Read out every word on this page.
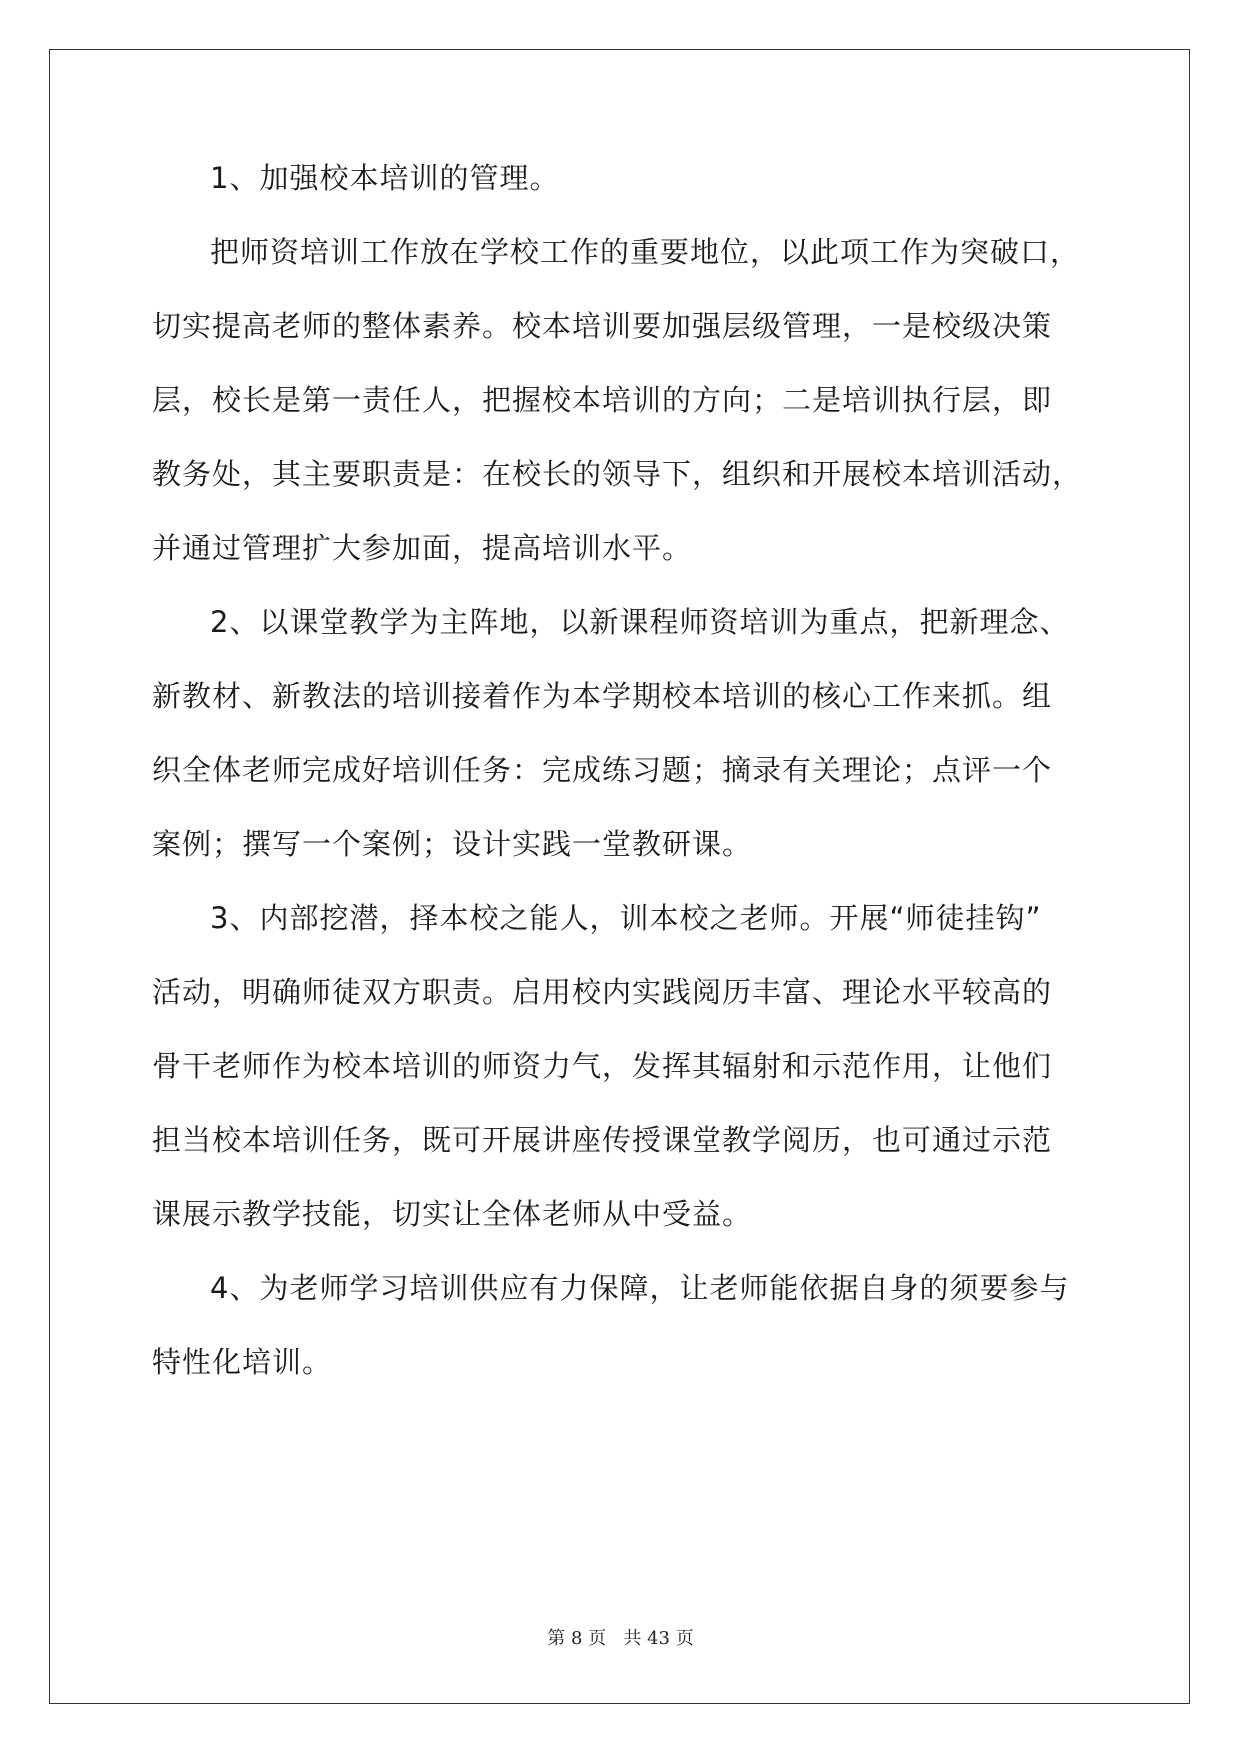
1、加强校本培训的管理。
把师资培训工作放在学校工作的重要地位，以此项工作为突破口，
切实提高老师的整体素养。校本培训要加强层级管理，一是校级决策
层，校长是第一责任人，把握校本培训的方向；二是培训执行层，即
教务处，其主要职责是：在校长的领导下，组织和开展校本培训活动，
并通过管理扩大参加面，提高培训水平。
2、以课堂教学为主阵地，以新课程师资培训为重点，把新理念、
新教材、新教法的培训接着作为本学期校本培训的核心工作来抓。组
织全体老师完成好培训任务：完成练习题；摘录有关理论；点评一个
案例；撰写一个案例；设计实践一堂教研课。
3、内部挖潜，择本校之能人，训本校之老师。开展“师徒挂钩”
活动，明确师徒双方职责。启用校内实践阅历丰富、理论水平较高的
骨干老师作为校本培训的师资力气，发挥其辐射和示范作用，让他们
担当校本培训任务，既可开展讲座传授课堂教学阅历，也可通过示范
课展示教学技能，切实让全体老师从中受益。
4、为老师学习培训供应有力保障，让老师能依据自身的须要参与
特性化培训。
第 8 页   共 43 页
